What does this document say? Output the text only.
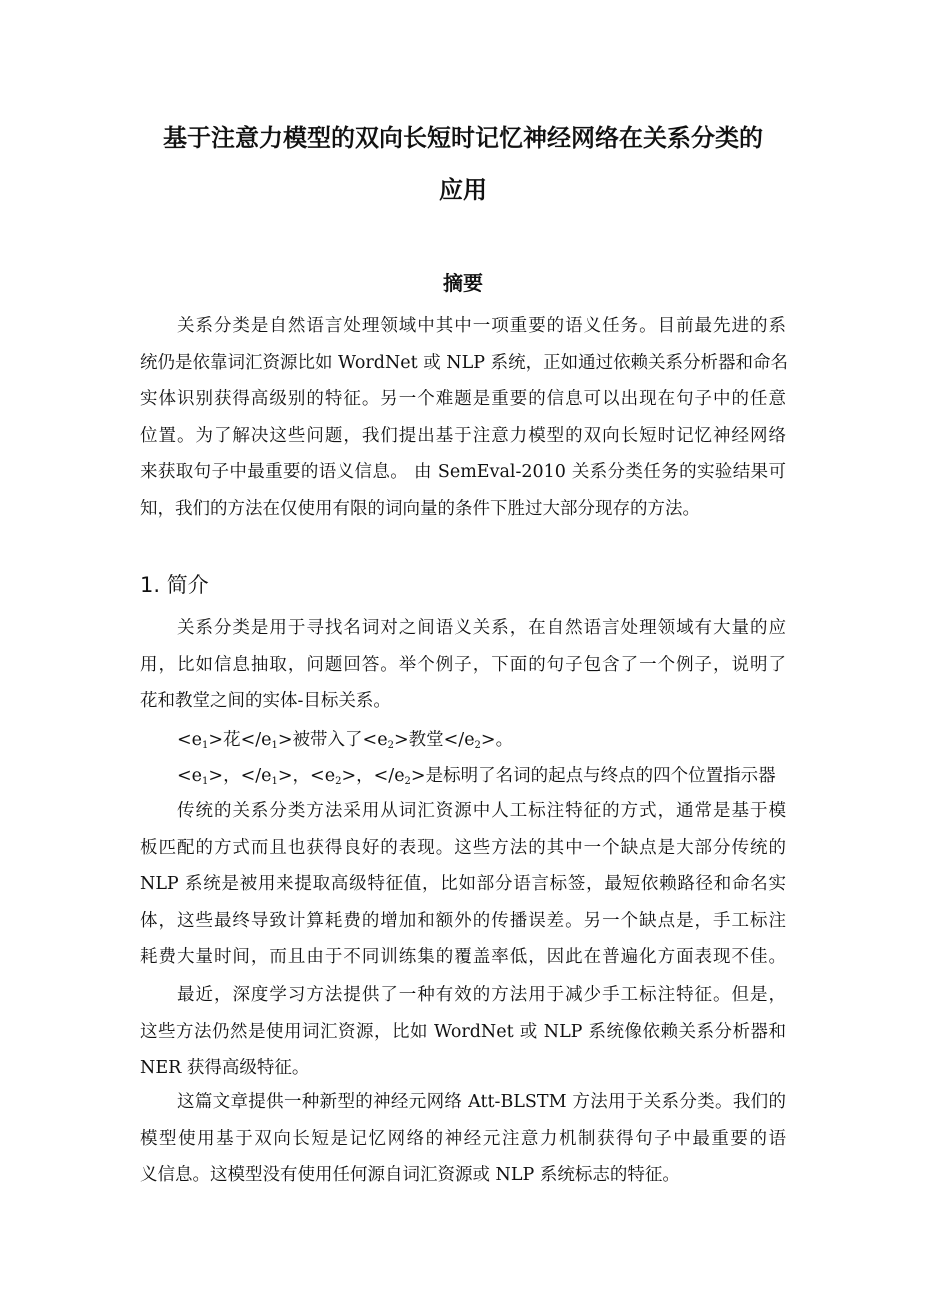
基于注意力模型的双向长短时记忆神经网络在关系分类的
应用
摘要

关系分类是自然语言处理领域中其中一项重要的语义任务。目前最先进的系
统仍是依靠词汇资源比如 WordNet 或 NLP 系统，正如通过依赖关系分析器和命名
实体识别获得高级别的特征。另一个难题是重要的信息可以出现在句子中的任意
位置。为了解决这些问题，我们提出基于注意力模型的双向长短时记忆神经网络
来获取句子中最重要的语义信息。 由 SemEval-2010 关系分类任务的实验结果可
知，我们的方法在仅使用有限的词向量的条件下胜过大部分现存的方法。

1. 简介

关系分类是用于寻找名词对之间语义关系，在自然语言处理领域有大量的应
用，比如信息抽取，问题回答。举个例子，下面的句子包含了一个例子，说明了
花和教堂之间的实体-目标关系。

$<e_1>$花$</e_1>$被带入了$<e_2>$教堂$</e_2>$。

$<e_1>$，$</e_1>$，$<e_2>$，$</e_2>$是标明了名词的起点与终点的四个位置指示器

传统的关系分类方法采用从词汇资源中人工标注特征的方式，通常是基于模
板匹配的方式而且也获得良好的表现。这些方法的其中一个缺点是大部分传统的
NLP 系统是被用来提取高级特征值，比如部分语言标签，最短依赖路径和命名实
体，这些最终导致计算耗费的增加和额外的传播误差。另一个缺点是，手工标注
耗费大量时间，而且由于不同训练集的覆盖率低，因此在普遍化方面表现不佳。

最近，深度学习方法提供了一种有效的方法用于减少手工标注特征。但是，
这些方法仍然是使用词汇资源，比如 WordNet 或 NLP 系统像依赖关系分析器和
NER 获得高级特征。

这篇文章提供一种新型的神经元网络 Att-BLSTM 方法用于关系分类。我们的
模型使用基于双向长短是记忆网络的神经元注意力机制获得句子中最重要的语
义信息。这模型没有使用任何源自词汇资源或 NLP 系统标志的特征。
